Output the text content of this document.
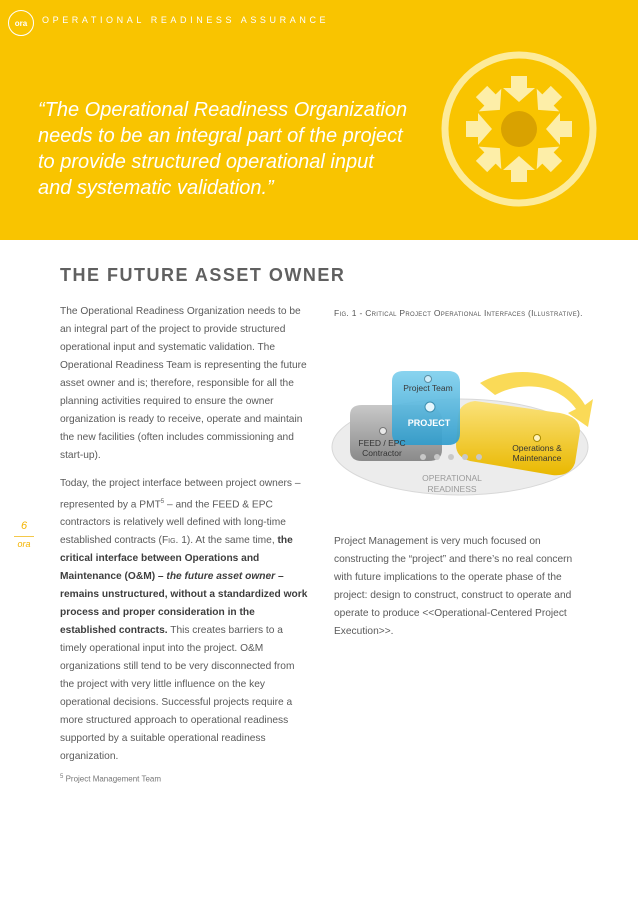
ora	OPERATIONAL READINESS ASSURANCE

“The Operational Readiness Organization
needs to be an integral part of the project
to provide structured operational input
and systematic validation.”

THE FUTURE ASSET OWNER

The Operational Readiness Organization needs to be an integral part of the project to provide structured operational input and systematic validation. The Operational Readiness Team is representing the future asset owner and is; therefore, responsible for all the planning activities required to ensure the owner organization is ready to receive, operate and maintain the new facilities (often includes commissioning and start-up).

Today, the project interface between project owners – represented by a PMT$^5$ – and the FEED & EPC contractors is relatively well defined with long-time established contracts (Fig. 1). At the same time, the critical interface between Operations and Maintenance (O&M) – the future asset owner – remains unstructured, without a standardized work process and proper consideration in the established contracts. This creates barriers to a timely operational input into the project. O&M organizations still tend to be very disconnected from the project with very little influence on the key operational decisions. Successful projects require a more structured approach to operational readiness supported by a suitable operational readiness organization.

Fig. 1 - Critical Project Operational Interfaces (Illustrative).
Project Team
PROJECT
FEED / EPC
Contractor	Operations &
Maintenance
OPERATIONAL
READINESS

Project Management is very much focused on constructing the “project” and there’s no real concern with future implications to the operate phase of the project: design to construct, construct to operate and operate to produce <<Operational-Centered Project Execution>>.

6
ora
$^5$ Project Management Team
